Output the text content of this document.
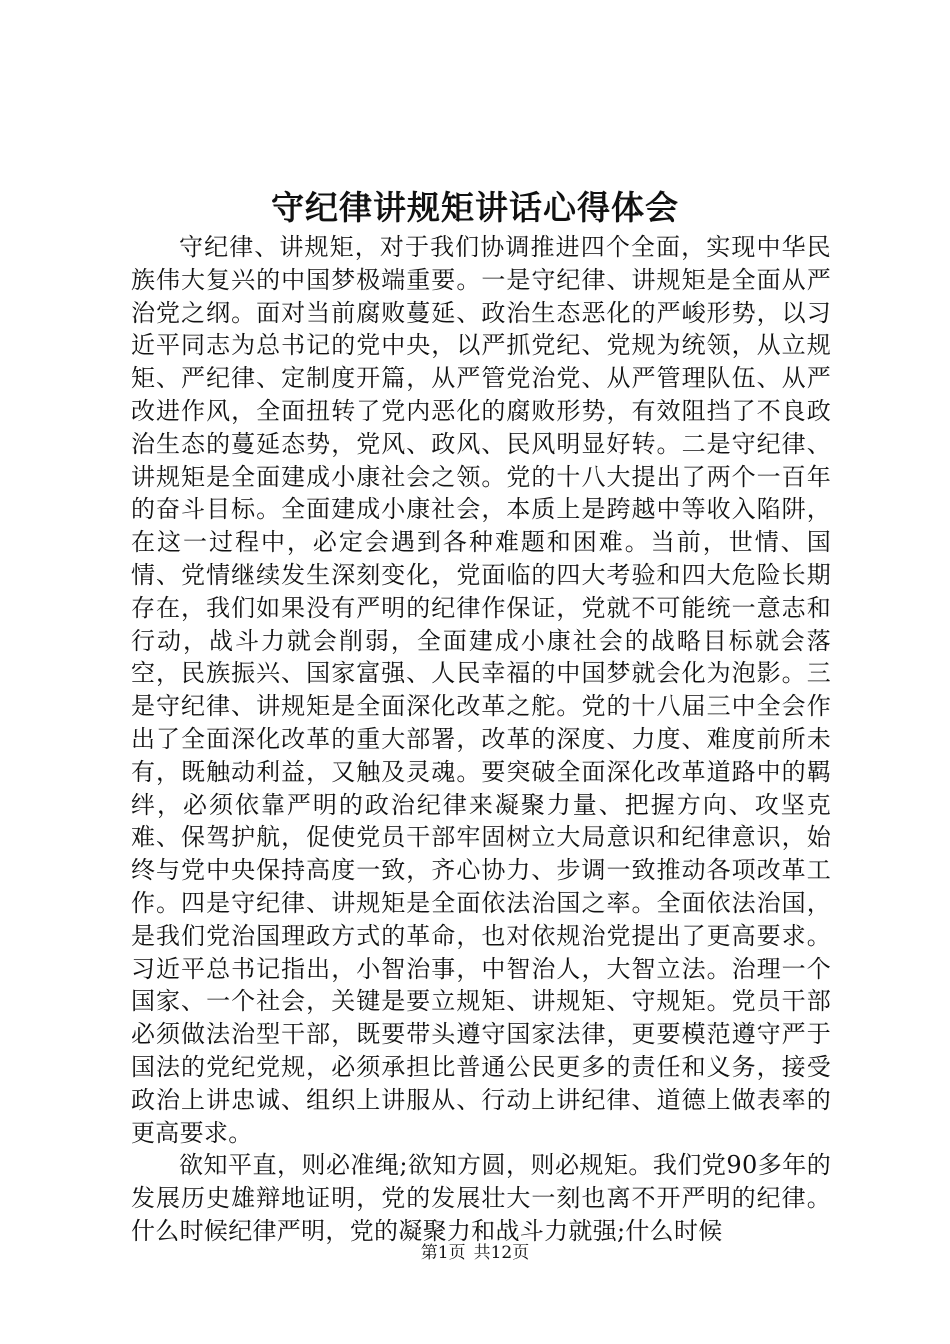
守纪律讲规矩讲话心得体会

守纪律、讲规矩，对于我们协调推进四个全面，实现中华民族伟大复兴的中国梦极端重要。一是守纪律、讲规矩是全面从严治党之纲。面对当前腐败蔓延、政治生态恶化的严峻形势，以习近平同志为总书记的党中央，以严抓党纪、党规为统领，从立规矩、严纪律、定制度开篇，从严管党治党、从严管理队伍、从严改进作风，全面扭转了党内恶化的腐败形势，有效阻挡了不良政治生态的蔓延态势，党风、政风、民风明显好转。二是守纪律、讲规矩是全面建成小康社会之领。党的十八大提出了两个一百年的奋斗目标。全面建成小康社会，本质上是跨越中等收入陷阱，在这一过程中，必定会遇到各种难题和困难。当前，世情、国情、党情继续发生深刻变化，党面临的四大考验和四大危险长期存在，我们如果没有严明的纪律作保证，党就不可能统一意志和行动，战斗力就会削弱，全面建成小康社会的战略目标就会落空，民族振兴、国家富强、人民幸福的中国梦就会化为泡影。三是守纪律、讲规矩是全面深化改革之舵。党的十八届三中全会作出了全面深化改革的重大部署，改革的深度、力度、难度前所未有，既触动利益，又触及灵魂。要突破全面深化改革道路中的羁绊，必须依靠严明的政治纪律来凝聚力量、把握方向、攻坚克难、保驾护航，促使党员干部牢固树立大局意识和纪律意识，始终与党中央保持高度一致，齐心协力、步调一致推动各项改革工作。四是守纪律、讲规矩是全面依法治国之率。全面依法治国，是我们党治国理政方式的革命，也对依规治党提出了更高要求。习近平总书记指出，小智治事，中智治人，大智立法。治理一个国家、一个社会，关键是要立规矩、讲规矩、守规矩。党员干部必须做法治型干部，既要带头遵守国家法律，更要模范遵守严于国法的党纪党规，必须承担比普通公民更多的责任和义务，接受政治上讲忠诚、组织上讲服从、行动上讲纪律、道德上做表率的更高要求。

欲知平直，则必准绳;欲知方圆，则必规矩。我们党90多年的发展历史雄辩地证明，党的发展壮大一刻也离不开严明的纪律。什么时候纪律严明，党的凝聚力和战斗力就强;什么时候

第1页 共12页
